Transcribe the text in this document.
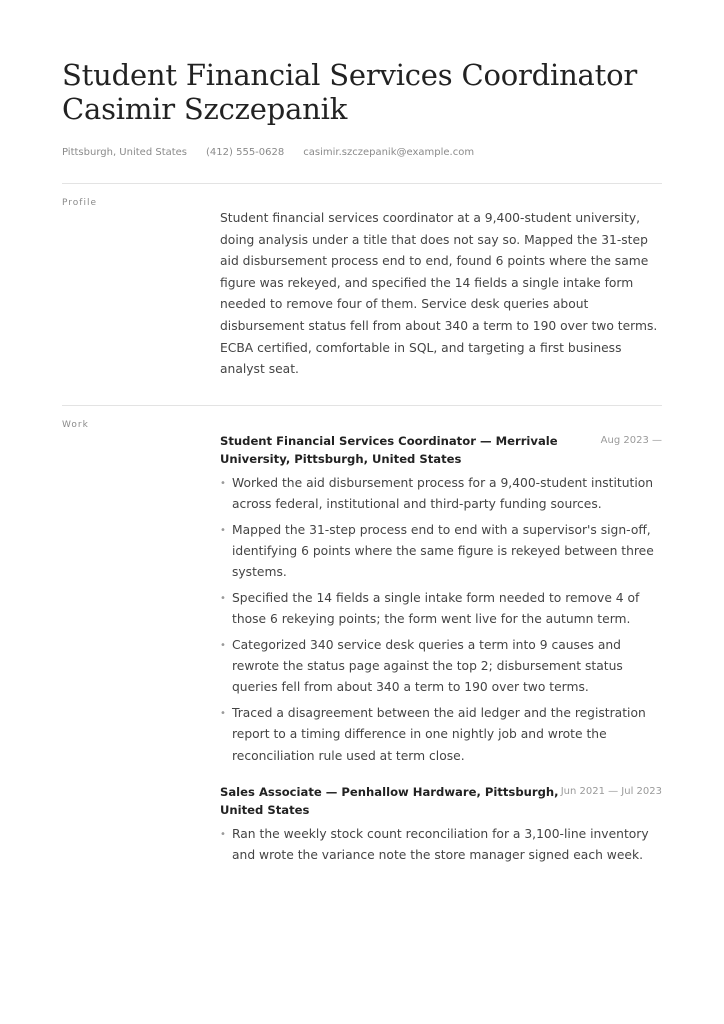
Student Financial Services Coordinator
Casimir Szczepanik
Pittsburgh, United States (412) 555-0628 casimir.szczepanik@example.com
Profile

Student financial services coordinator at a 9,400-student university, doing analysis under a title that does not say so. Mapped the 31-step aid disbursement process end to end, found 6 points where the same figure was rekeyed, and specified the 14 fields a single intake form needed to remove four of them. Service desk queries about disbursement status fell from about 340 a term to 190 over two terms. ECBA certified, comfortable in SQL, and targeting a first business analyst seat.

Work
Student Financial Services Coordinator — Merrivale University, Pittsburgh, United States
Aug 2023 —
• Worked the aid disbursement process for a 9,400-student institution across federal, institutional and third-party funding sources.
• Mapped the 31-step process end to end with a supervisor's sign-off, identifying 6 points where the same figure is rekeyed between three systems.
• Specified the 14 fields a single intake form needed to remove 4 of those 6 rekeying points; the form went live for the autumn term.
• Categorized 340 service desk queries a term into 9 causes and rewrote the status page against the top 2; disbursement status queries fell from about 340 a term to 190 over two terms.
• Traced a disagreement between the aid ledger and the registration report to a timing difference in one nightly job and wrote the reconciliation rule used at term close.
Sales Associate — Penhallow Hardware, Pittsburgh, United States
Jun 2021 — Jul 2023
• Ran the weekly stock count reconciliation for a 3,100-line inventory and wrote the variance note the store manager signed each week.
